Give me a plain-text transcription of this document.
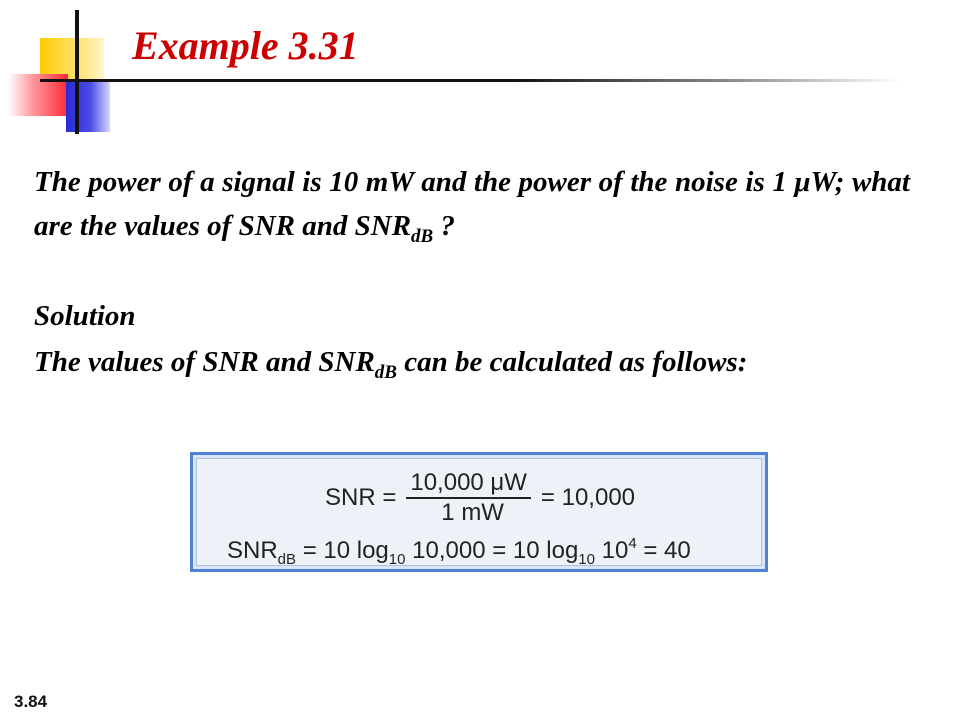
Example 3.31

The power of a signal is 10 mW and the power of the noise is 1 μW; what are the values of SNR and $SNR_{dB}$ ?

Solution

The values of SNR and $SNR_{dB}$ can be calculated as follows:

SNR = $\frac{10,000 \mu W}{1 mW} = 10,000$
$SNR_{dB} = 10$ $\log_{10} 10,000 = 10$ $\log_{10} 10^4 = 40$
3.84
